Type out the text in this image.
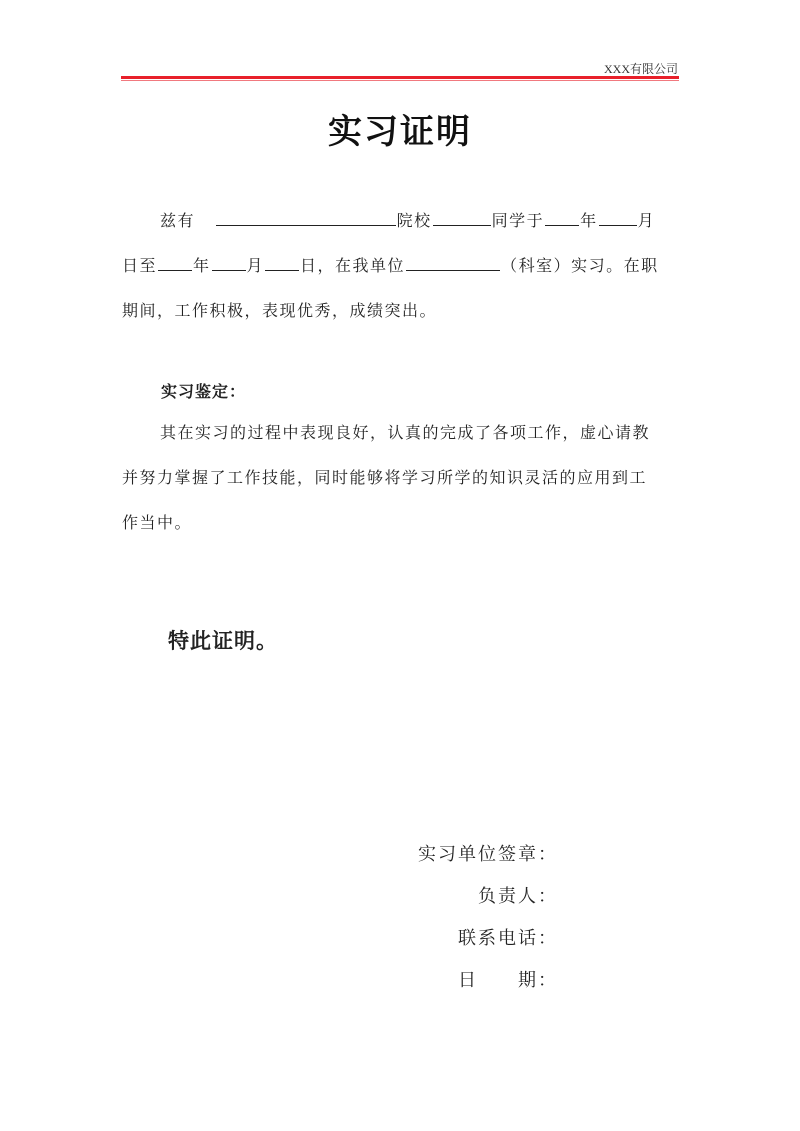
XXX有限公司
实习证明
兹有	院校	同学于 年	月
日至 年 月 日，在我单位	（科室）实习。在职
期间，工作积极，表现优秀，成绩突出。
实习鉴定：
其在实习的过程中表现良好，认真的完成了各项工作，虚心请教
并努力掌握了工作技能，同时能够将学习所学的知识灵活的应用到工
作当中。
特此证明。
实习单位签章：
负责人：
联系电话：
日　　期：
